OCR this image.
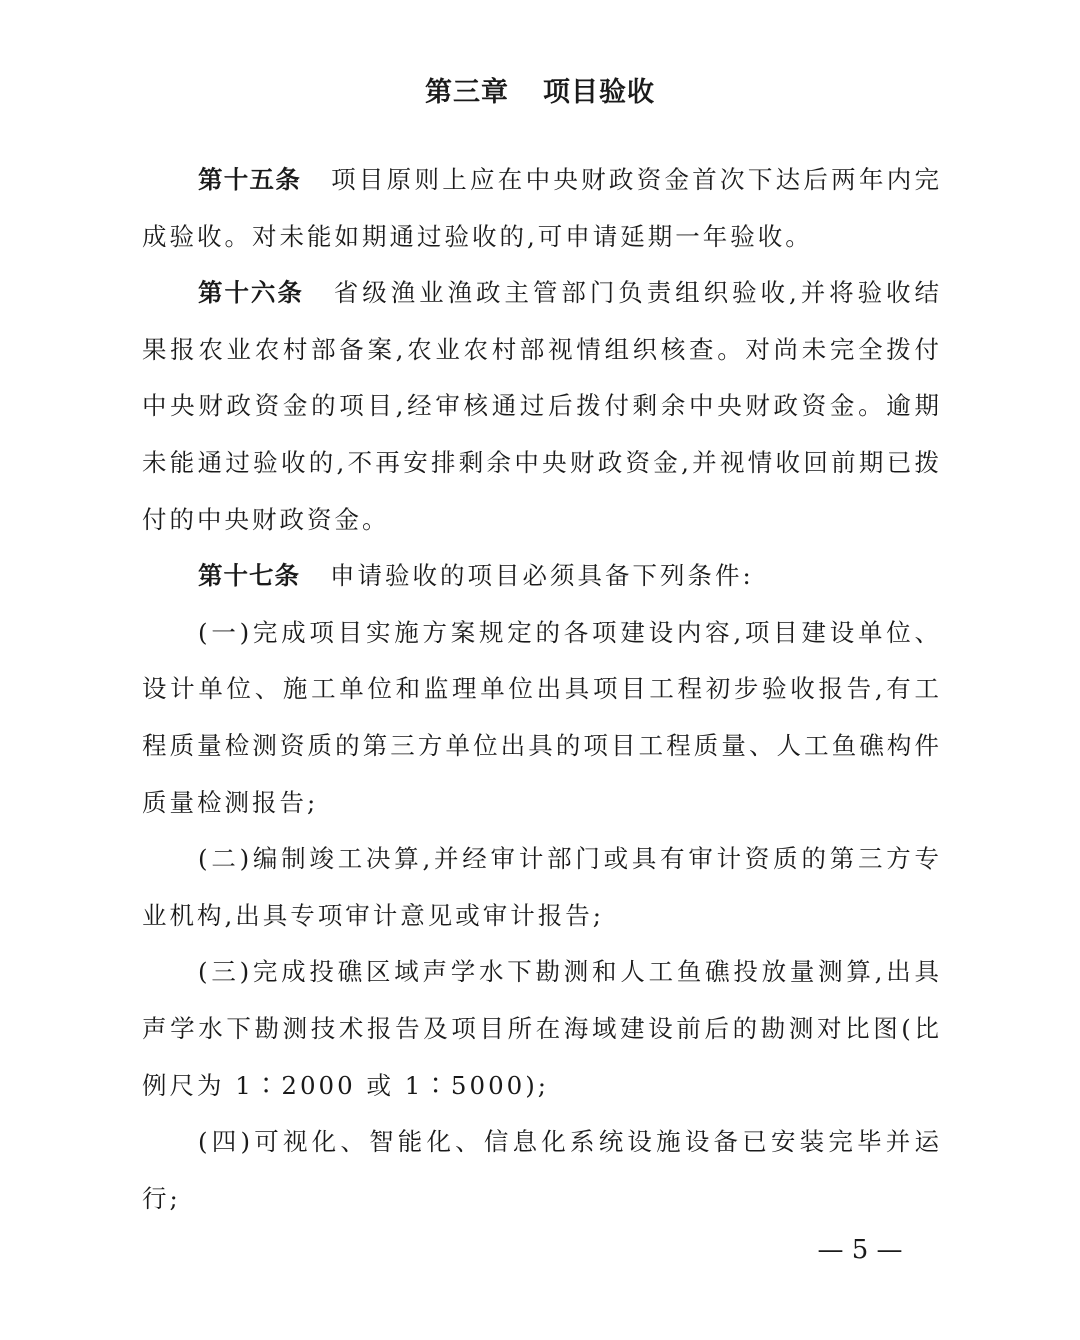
第三章 项目验收

第十五条 项目原则上应在中央财政资金首次下达后两年内完成验收。对未能如期通过验收的,可申请延期一年验收。

第十六条 省级渔业渔政主管部门负责组织验收,并将验收结果报农业农村部备案,农业农村部视情组织核查。对尚未完全拨付中央财政资金的项目,经审核通过后拨付剩余中央财政资金。逾期未能通过验收的,不再安排剩余中央财政资金,并视情收回前期已拨付的中央财政资金。

第十七条 申请验收的项目必须具备下列条件:

(一)完成项目实施方案规定的各项建设内容,项目建设单位、设计单位、施工单位和监理单位出具项目工程初步验收报告,有工程质量检测资质的第三方单位出具的项目工程质量、人工鱼礁构件质量检测报告;

(二)编制竣工决算,并经审计部门或具有审计资质的第三方专业机构,出具专项审计意见或审计报告;

(三)完成投礁区域声学水下勘测和人工鱼礁投放量测算,出具声学水下勘测技术报告及项目所在海域建设前后的勘测对比图(比例尺为 1∶2000 或 1∶5000);

(四)可视化、智能化、信息化系统设施设备已安装完毕并运行;

— 5 —
